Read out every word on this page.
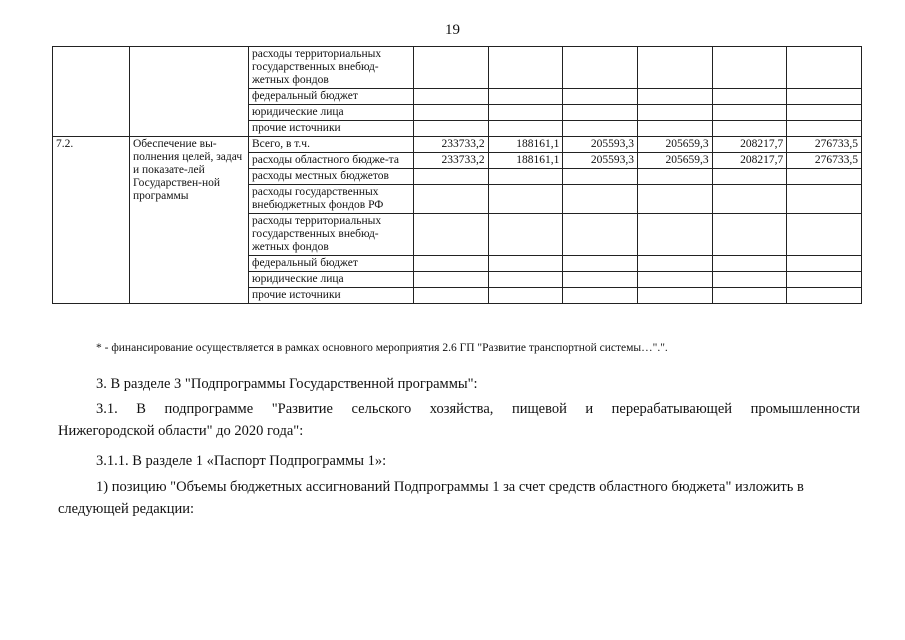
19
		расходы территориальных государственных внебюд-жетных фондов						
		федеральный бюджет						
		юридические лица						
		прочие источники						
7.2.	Обеспечение вы-полнения целей, задач и показате-лей Государствен-ной программы	Всего, в т.ч.	233733,2	188161,1	205593,3	205659,3	208217,7	276733,5
		расходы областного бюдже-та	233733,2	188161,1	205593,3	205659,3	208217,7	276733,5
		расходы местных бюджетов						
		расходы государственных внебюджетных фондов РФ						
		расходы территориальных государственных внебюд-жетных фондов						
		федеральный бюджет						
		юридические лица						
		прочие источники						
* - финансирование осуществляется в рамках основного мероприятия 2.6 ГП "Развитие транспортной системы…".".

3. В разделе 3 "Подпрограммы Государственной программы":

3.1. В подпрограмме "Развитие сельского хозяйства, пищевой и перерабатывающей промышленности
Нижегородской области" до 2020 года":

3.1.1. В разделе 1 «Паспорт Подпрограммы 1»:

1) позицию "Объемы бюджетных ассигнований Подпрограммы 1 за счет средств областного бюджета" изложить в следующей редакции:
